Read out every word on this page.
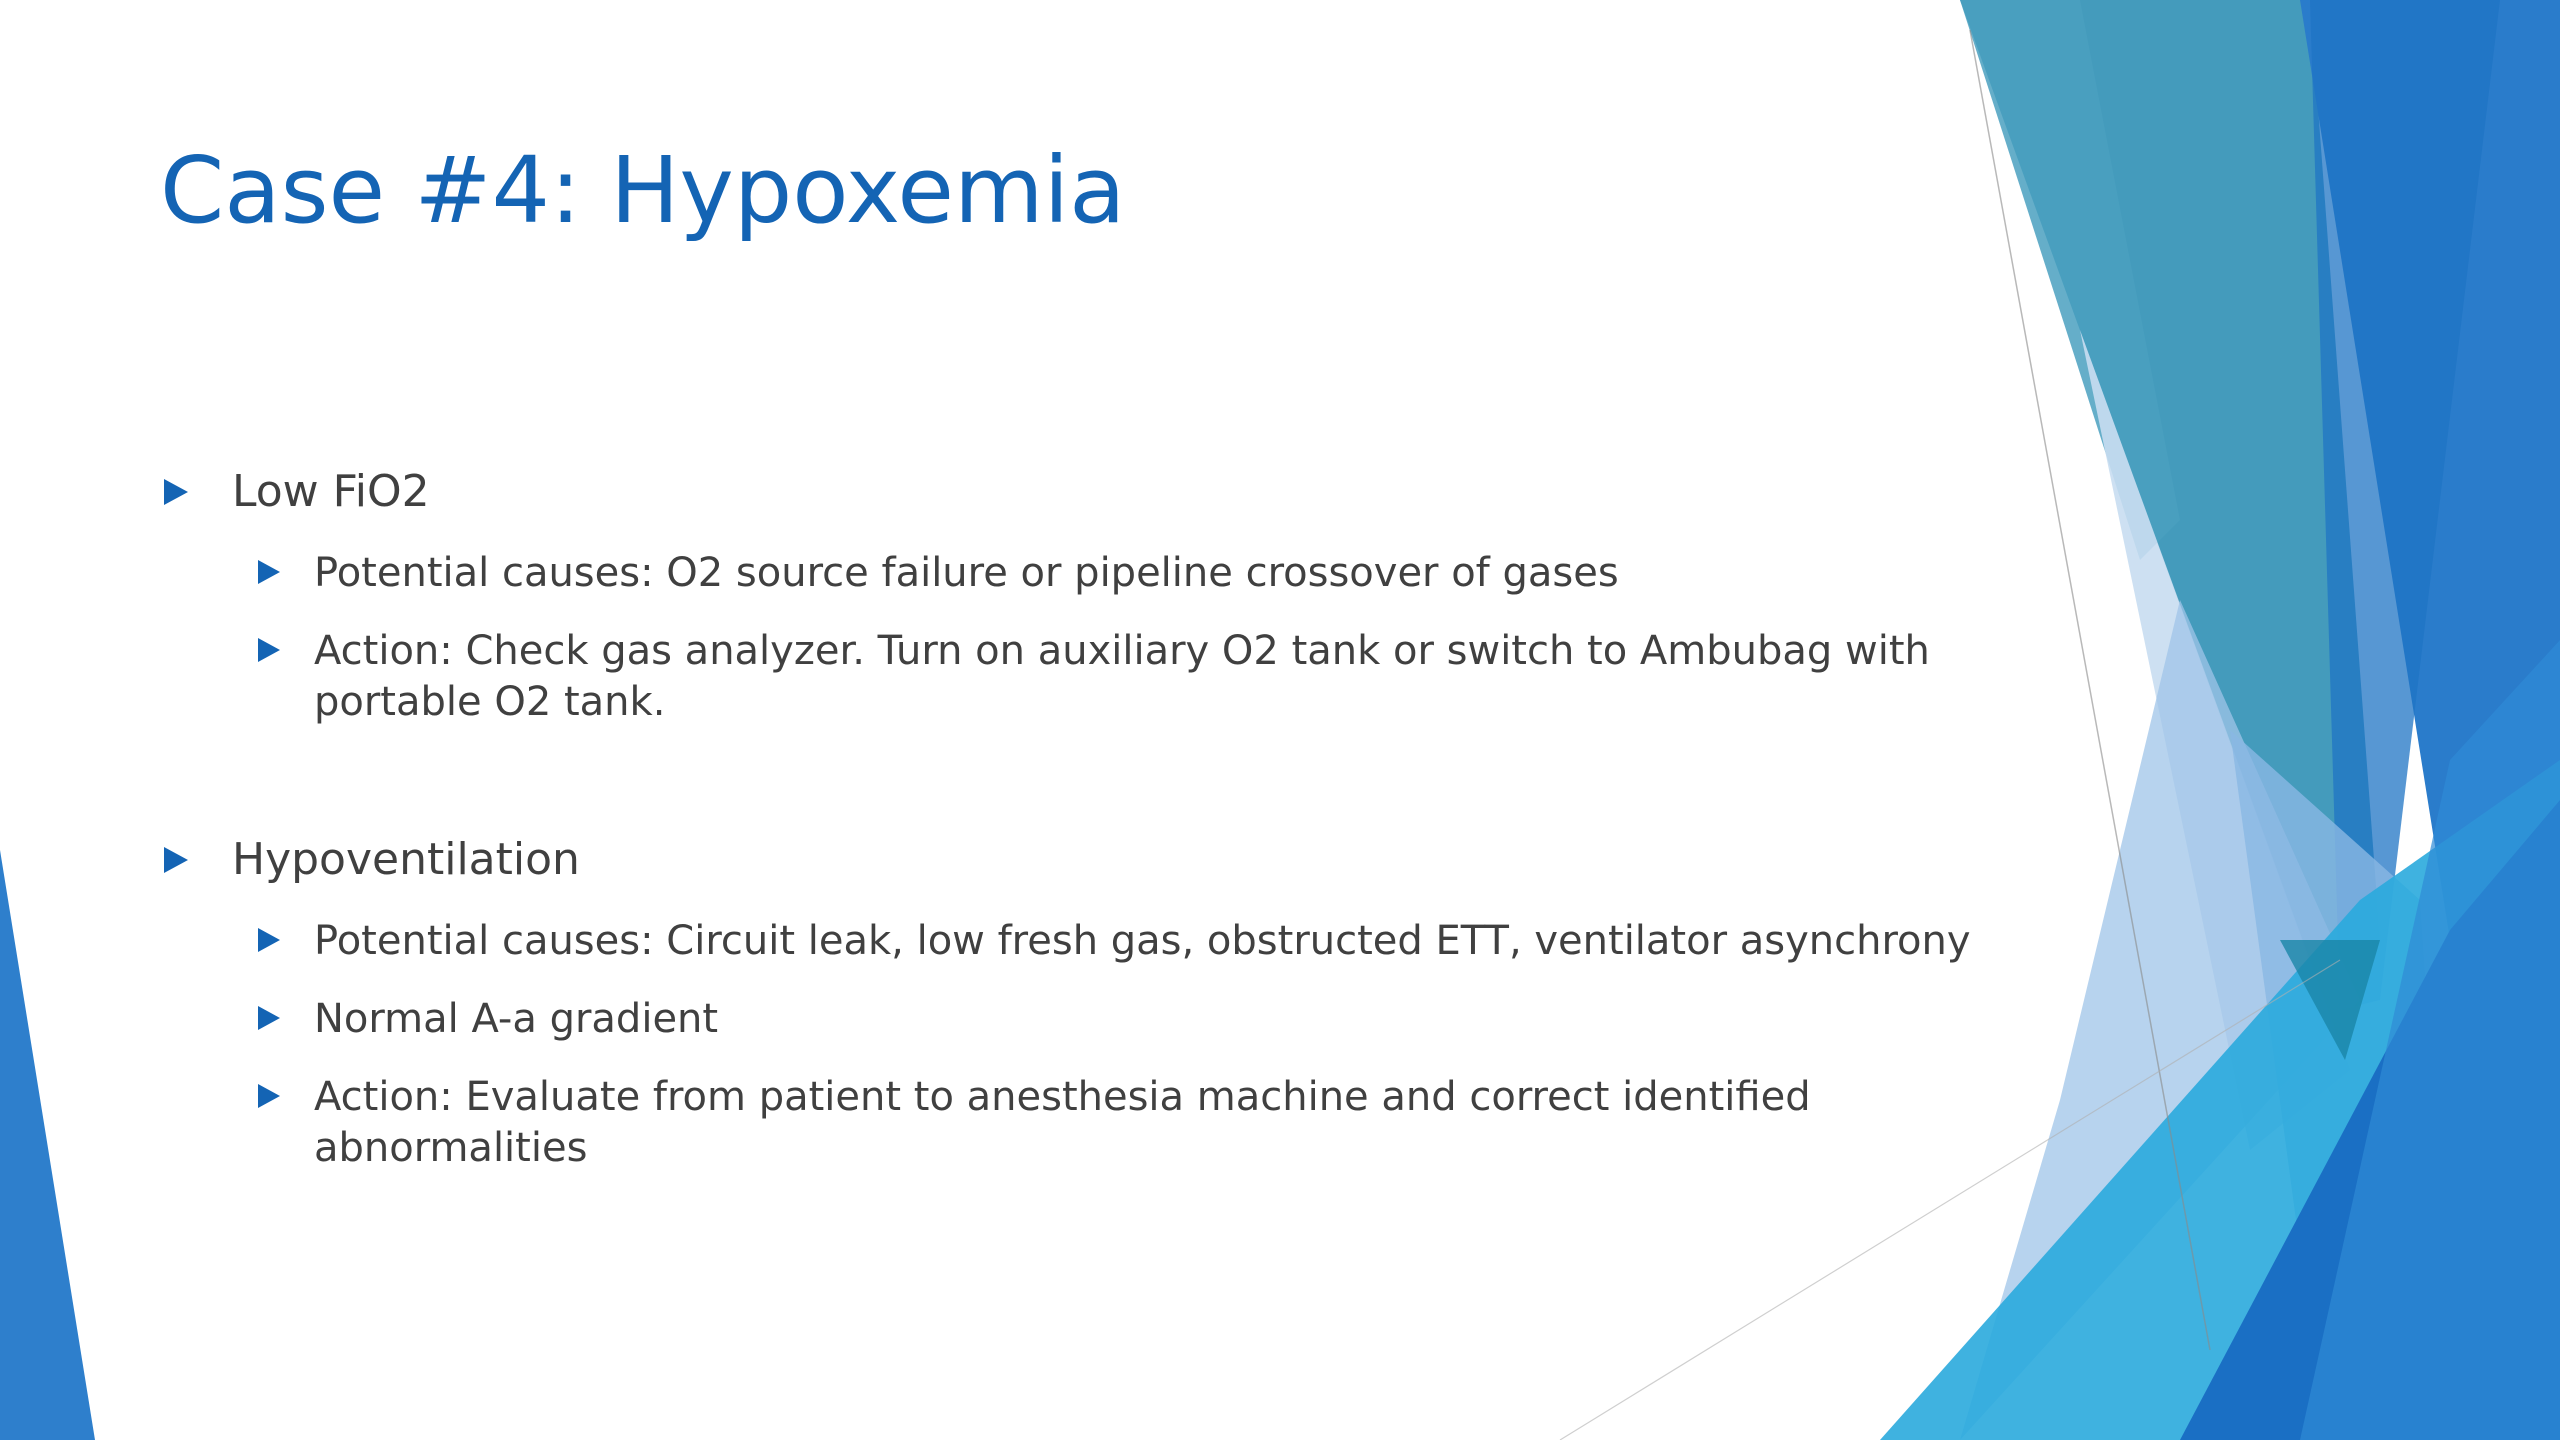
Case #4: Hypoxemia
Low FiO2
Potential causes: O2 source failure or pipeline crossover of gases
Action: Check gas analyzer. Turn on auxiliary O2 tank or switch to Ambubag with portable O2 tank.
Hypoventilation
Potential causes: Circuit leak, low fresh gas, obstructed ETT, ventilator asynchrony
Normal A-a gradient
Action: Evaluate from patient to anesthesia machine and correct identified abnormalities
